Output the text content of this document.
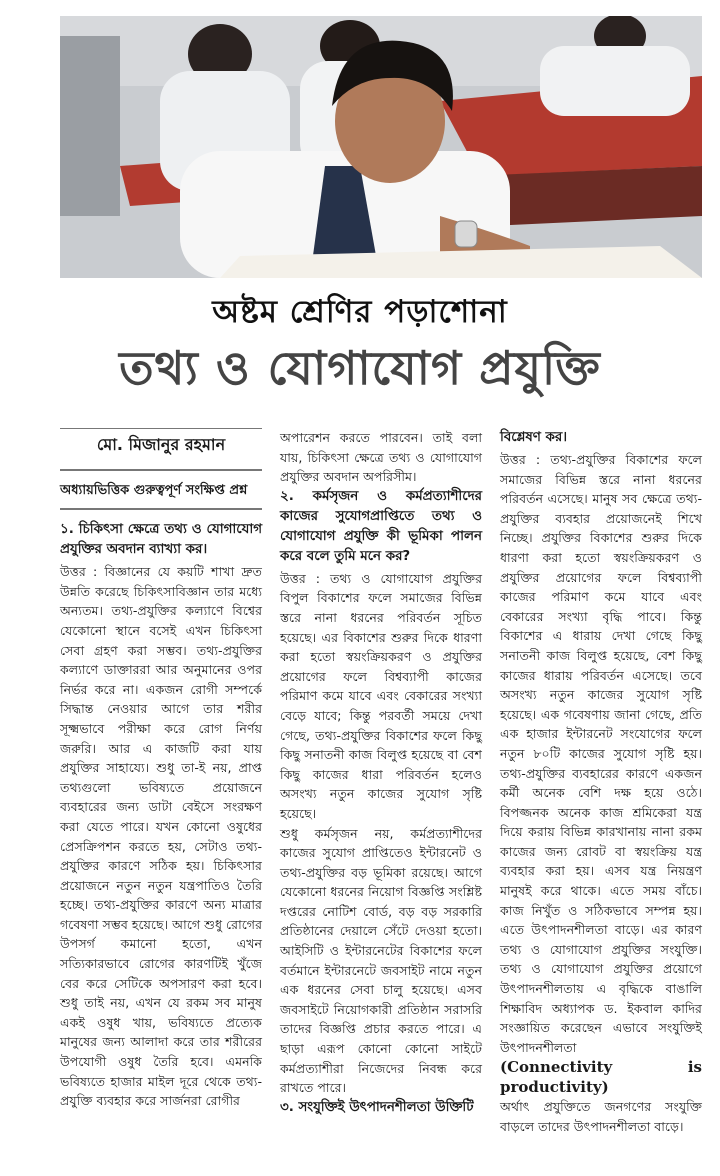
অষ্টম শ্রেণির পড়াশোনা
তথ্য ও যোগাযোগ প্রযুক্তি
মো. মিজানুর রহমান
অধ্যায়ভিত্তিক গুরুত্বপূর্ণ সংক্ষিপ্ত প্রশ্ন
১. চিকিৎসা ক্ষেত্রে তথ্য ও যোগাযোগ প্রযুক্তির অবদান ব্যাখ্যা কর।

উত্তর : বিজ্ঞানের যে কয়টি শাখা দ্রুত উন্নতি করেছে চিকিৎসাবিজ্ঞান তার মধ্যে অন্যতম। তথ্য-প্রযুক্তির কল্যাণে বিশ্বের যেকোনো স্থানে বসেই এখন চিকিৎসা সেবা গ্রহণ করা সম্ভব। তথ্য-প্রযুক্তির কল্যাণে ডাক্তাররা আর অনুমানের ওপর নির্ভর করে না। একজন রোগী সম্পর্কে সিদ্ধান্ত নেওয়ার আগে তার শরীর সূক্ষ্মভাবে পরীক্ষা করে রোগ নির্ণয় জরুরি। আর এ কাজটি করা যায় প্রযুক্তির সাহায্যে। শুধু তা-ই নয়, প্রাপ্ত তথ্যগুলো ভবিষ্যতে প্রয়োজনে ব্যবহারের জন্য ডাটা বেইসে সংরক্ষণ করা যেতে পারে। যখন কোনো ওষুধের প্রেসক্রিপশন করতে হয়, সেটাও তথ্য-প্রযুক্তির কারণে সঠিক হয়। চিকিৎসার প্রয়োজনে নতুন নতুন যন্ত্রপাতিও তৈরি হচ্ছে। তথ্য-প্রযুক্তির কারণে অন্য মাত্রার গবেষণা সম্ভব হয়েছে। আগে শুধু রোগের উপসর্গ কমানো হতো, এখন সত্যিকারভাবে রোগের কারণটিই খুঁজে বের করে সেটিকে অপসারণ করা হবে। শুধু তাই নয়, এখন যে রকম সব মানুষ একই ওষুধ খায়, ভবিষ্যতে প্রত্যেক মানুষের জন্য আলাদা করে তার শরীরের উপযোগী ওষুধ তৈরি হবে। এমনকি ভবিষ্যতে হাজার মাইল দূরে থেকে তথ্য-প্রযুক্তি ব্যবহার করে সার্জনরা রোগীর

অপারেশন করতে পারবেন। তাই বলা যায়, চিকিৎসা ক্ষেত্রে তথ্য ও যোগাযোগ প্রযুক্তির অবদান অপরিসীম।

২. কর্মসৃজন ও কর্মপ্রত্যাশীদের কাজের সুযোগপ্রাপ্তিতে তথ্য ও যোগাযোগ প্রযুক্তি কী ভূমিকা পালন করে বলে তুমি মনে কর?

উত্তর : তথ্য ও যোগাযোগ প্রযুক্তির বিপুল বিকাশের ফলে সমাজের বিভিন্ন স্তরে নানা ধরনের পরিবর্তন সূচিত হয়েছে। এর বিকাশের শুরুর দিকে ধারণা করা হতো স্বয়ংক্রিয়করণ ও প্রযুক্তির প্রয়োগের ফলে বিশ্বব্যাপী কাজের পরিমাণ কমে যাবে এবং বেকারের সংখ্যা বেড়ে যাবে; কিন্তু পরবর্তী সময়ে দেখা গেছে, তথ্য-প্রযুক্তির বিকাশের ফলে কিছু কিছু সনাতনী কাজ বিলুপ্ত হয়েছে বা বেশ কিছু কাজের ধারা পরিবর্তন হলেও অসংখ্য নতুন কাজের সুযোগ সৃষ্টি হয়েছে।

শুধু কর্মসৃজন নয়, কর্মপ্রত্যাশীদের কাজের সুযোগ প্রাপ্তিতেও ইন্টারনেট ও তথ্য-প্রযুক্তির বড় ভূমিকা রয়েছে। আগে যেকোনো ধরনের নিয়োগ বিজ্ঞপ্তি সংশ্লিষ্ট দপ্তরের নোটিশ বোর্ড, বড় বড় সরকারি প্রতিষ্ঠানের দেয়ালে সেঁটে দেওয়া হতো। আইসিটি ও ইন্টারনেটের বিকাশের ফলে বর্তমানে ইন্টারনেটে জবসাইট নামে নতুন এক ধরনের সেবা চালু হয়েছে। এসব জবসাইটে নিয়োগকারী প্রতিষ্ঠান সরাসরি তাদের বিজ্ঞপ্তি প্রচার করতে পারে। এ ছাড়া এরূপ কোনো কোনো সাইটে কর্মপ্রত্যাশীরা নিজেদের নিবন্ধ করে রাখতে পারে।

৩. সংযুক্তিই উৎপাদনশীলতা উক্তিটি
বিশ্লেষণ কর।

উত্তর : তথ্য-প্রযুক্তির বিকাশের ফলে সমাজের বিভিন্ন স্তরে নানা ধরনের পরিবর্তন এসেছে। মানুষ সব ক্ষেত্রে তথ্য-প্রযুক্তির ব্যবহার প্রয়োজনেই শিখে নিচ্ছে। প্রযুক্তির বিকাশের শুরুর দিকে ধারণা করা হতো স্বয়ংক্রিয়করণ ও প্রযুক্তির প্রয়োগের ফলে বিশ্বব্যাপী কাজের পরিমাণ কমে যাবে এবং বেকারের সংখ্যা বৃদ্ধি পাবে। কিন্তু বিকাশের এ ধারায় দেখা গেছে কিছু সনাতনী কাজ বিলুপ্ত হয়েছে, বেশ কিছু কাজের ধারায় পরিবর্তন এসেছে। তবে অসংখ্য নতুন কাজের সুযোগ সৃষ্টি হয়েছে। এক গবেষণায় জানা গেছে, প্রতি এক হাজার ইন্টারনেট সংযোগের ফলে নতুন ৮০টি কাজের সুযোগ সৃষ্টি হয়। তথ্য-প্রযুক্তির ব্যবহারের কারণে একজন কর্মী অনেক বেশি দক্ষ হয়ে ওঠে। বিপজ্জনক অনেক কাজ শ্রমিকেরা যন্ত্র দিয়ে করায় বিভিন্ন কারখানায় নানা রকম কাজের জন্য রোবট বা স্বয়ংক্রিয় যন্ত্র ব্যবহার করা হয়। এসব যন্ত্র নিয়ন্ত্রণ মানুষই করে থাকে। এতে সময় বাঁচে। কাজ নিখুঁত ও সঠিকভাবে সম্পন্ন হয়। এতে উৎপাদনশীলতা বাড়ে। এর কারণ তথ্য ও যোগাযোগ প্রযুক্তির সংযুক্তি। তথ্য ও যোগাযোগ প্রযুক্তির প্রয়োগে উৎপাদনশীলতায় এ বৃদ্ধিকে বাঙালি শিক্ষাবিদ অধ্যাপক ড. ইকবাল কাদির সংজ্ঞায়িত করেছেন এভাবে সংযুক্তিই উৎপাদনশীলতা

(Connectivity is productivity)

অর্থাৎ প্রযুক্তিতে জনগণের সংযুক্তি বাড়লে তাদের উৎপাদনশীলতা বাড়ে।
